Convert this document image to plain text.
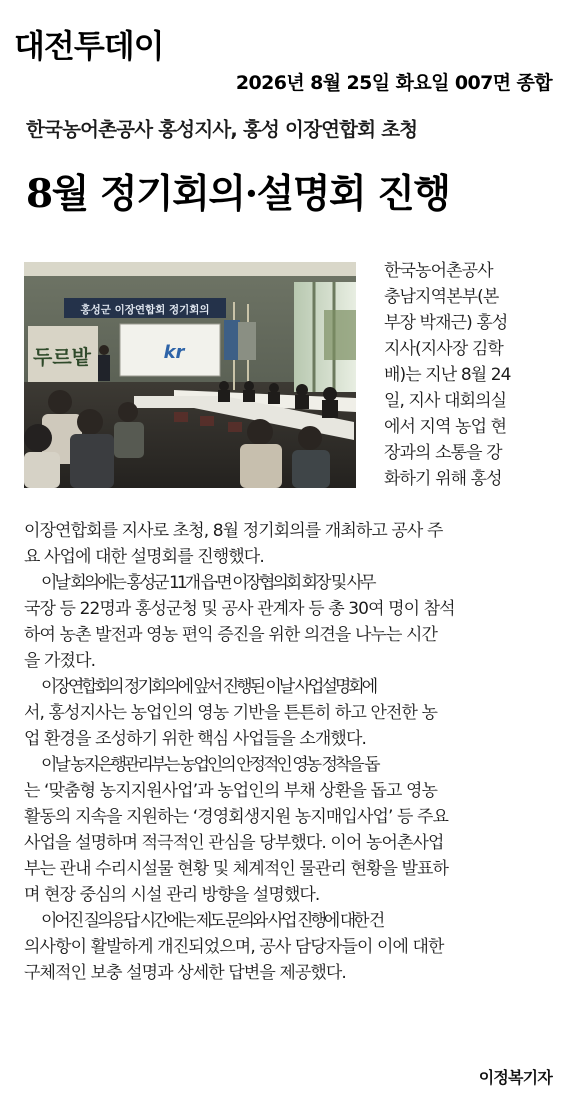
대전투데이
2026년 8월 25일 화요일 007면 종합
한국농어촌공사 홍성지사, 홍성 이장연합회 초청
8월 정기회의·설명회 진행
홍성군 이장연합회 정기회의
두르밭	kr
한국농어촌공사
충남지역본부(본
부장 박재근) 홍성
지사(지사장 김학
배)는 지난 8월 24
일, 지사 대회의실
에서 지역 농업 현
장과의 소통을 강
화하기 위해 홍성
이장연합회를 지사로 초청, 8월 정기회의를 개최하고 공사 주
요 사업에 대한 설명회를 진행했다.
이날 회의에는 홍성군 11개 읍·면 이장협의회 회장 및 사무
국장 등 22명과 홍성군청 및 공사 관계자 등 총 30여 명이 참석
하여 농촌 발전과 영농 편익 증진을 위한 의견을 나누는 시간
을 가졌다.
이장연합회의 정기회의에 앞서 진행된 이날 사업설명회에
서, 홍성지사는 농업인의 영농 기반을 튼튼히 하고 안전한 농
업 환경을 조성하기 위한 핵심 사업들을 소개했다.
이날 농지은행관리부는 농업인의 안정적인 영농 정착을 돕
는 ‘맞춤형 농지지원사업’과 농업인의 부채 상환을 돕고 영농
활동의 지속을 지원하는 ‘경영회생지원 농지매입사업’ 등 주요
사업을 설명하며 적극적인 관심을 당부했다. 이어 농어촌사업
부는 관내 수리시설물 현황 및 체계적인 물관리 현황을 발표하
며 현장 중심의 시설 관리 방향을 설명했다.
이어진 질의응답 시간에는 제도 문의와 사업 진행에 대한 건
의사항이 활발하게 개진되었으며, 공사 담당자들이 이에 대한
구체적인 보충 설명과 상세한 답변을 제공했다.
이정복기자
